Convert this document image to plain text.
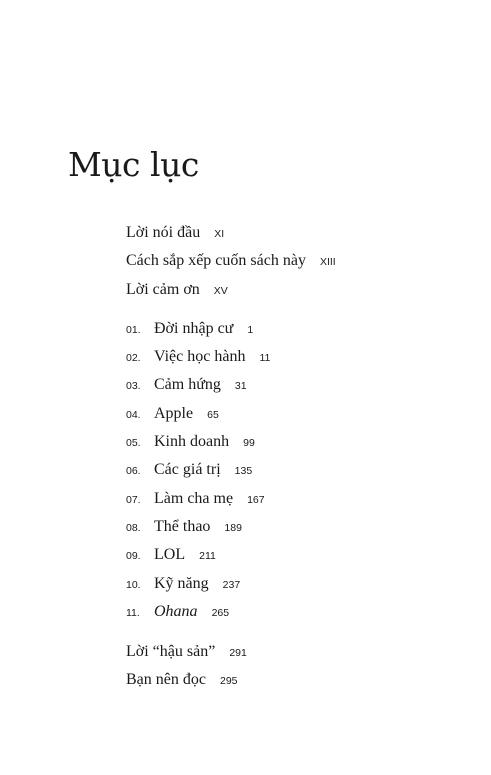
Mục lục
Lời nói đầu XI
Cách sắp xếp cuốn sách này XIII
Lời cảm ơn XV
01. Đời nhập cư 1
02. Việc học hành 11
03. Cảm hứng 31
04. Apple 65
05. Kinh doanh 99
06. Các giá trị 135
07. Làm cha mẹ 167
08. Thể thao 189
09. LOL 211
10. Kỹ năng 237
11. Ohana 265
Lời “hậu sản” 291
Bạn nên đọc 295
